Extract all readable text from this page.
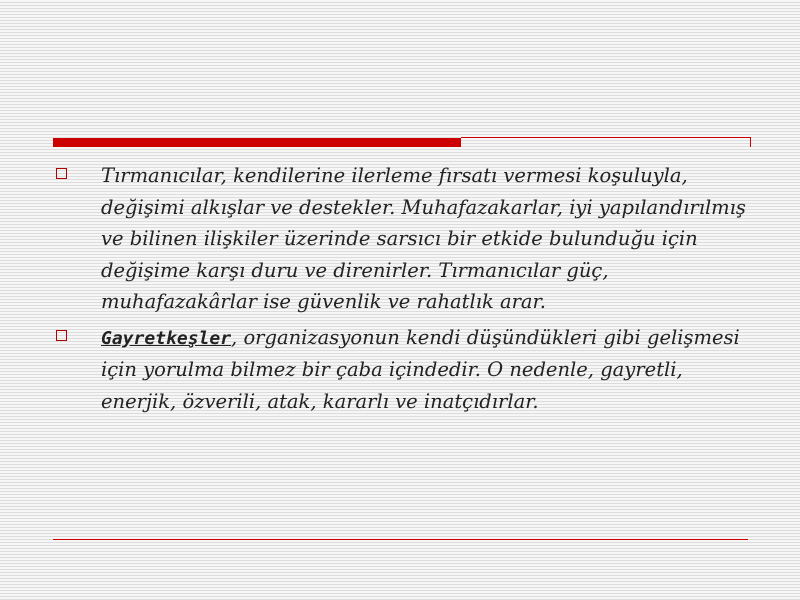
Tırmanıcılar, kendilerine ilerleme fırsatı vermesi koşuluyla, değişimi alkışlar ve destekler. Muhafazakarlar, iyi yapılandırılmış ve bilinen ilişkiler üzerinde sarsıcı bir etkide bulunduğu için değişime karşı duru ve direnirler. Tırmanıcılar güç, muhafazakârlar ise güvenlik ve rahatlık arar.
Gayretkeşler, organizasyonun kendi düşündükleri gibi gelişmesi için yorulma bilmez bir çaba içindedir. O nedenle, gayretli, enerjik, özverili, atak, kararlı ve inatçıdırlar.
